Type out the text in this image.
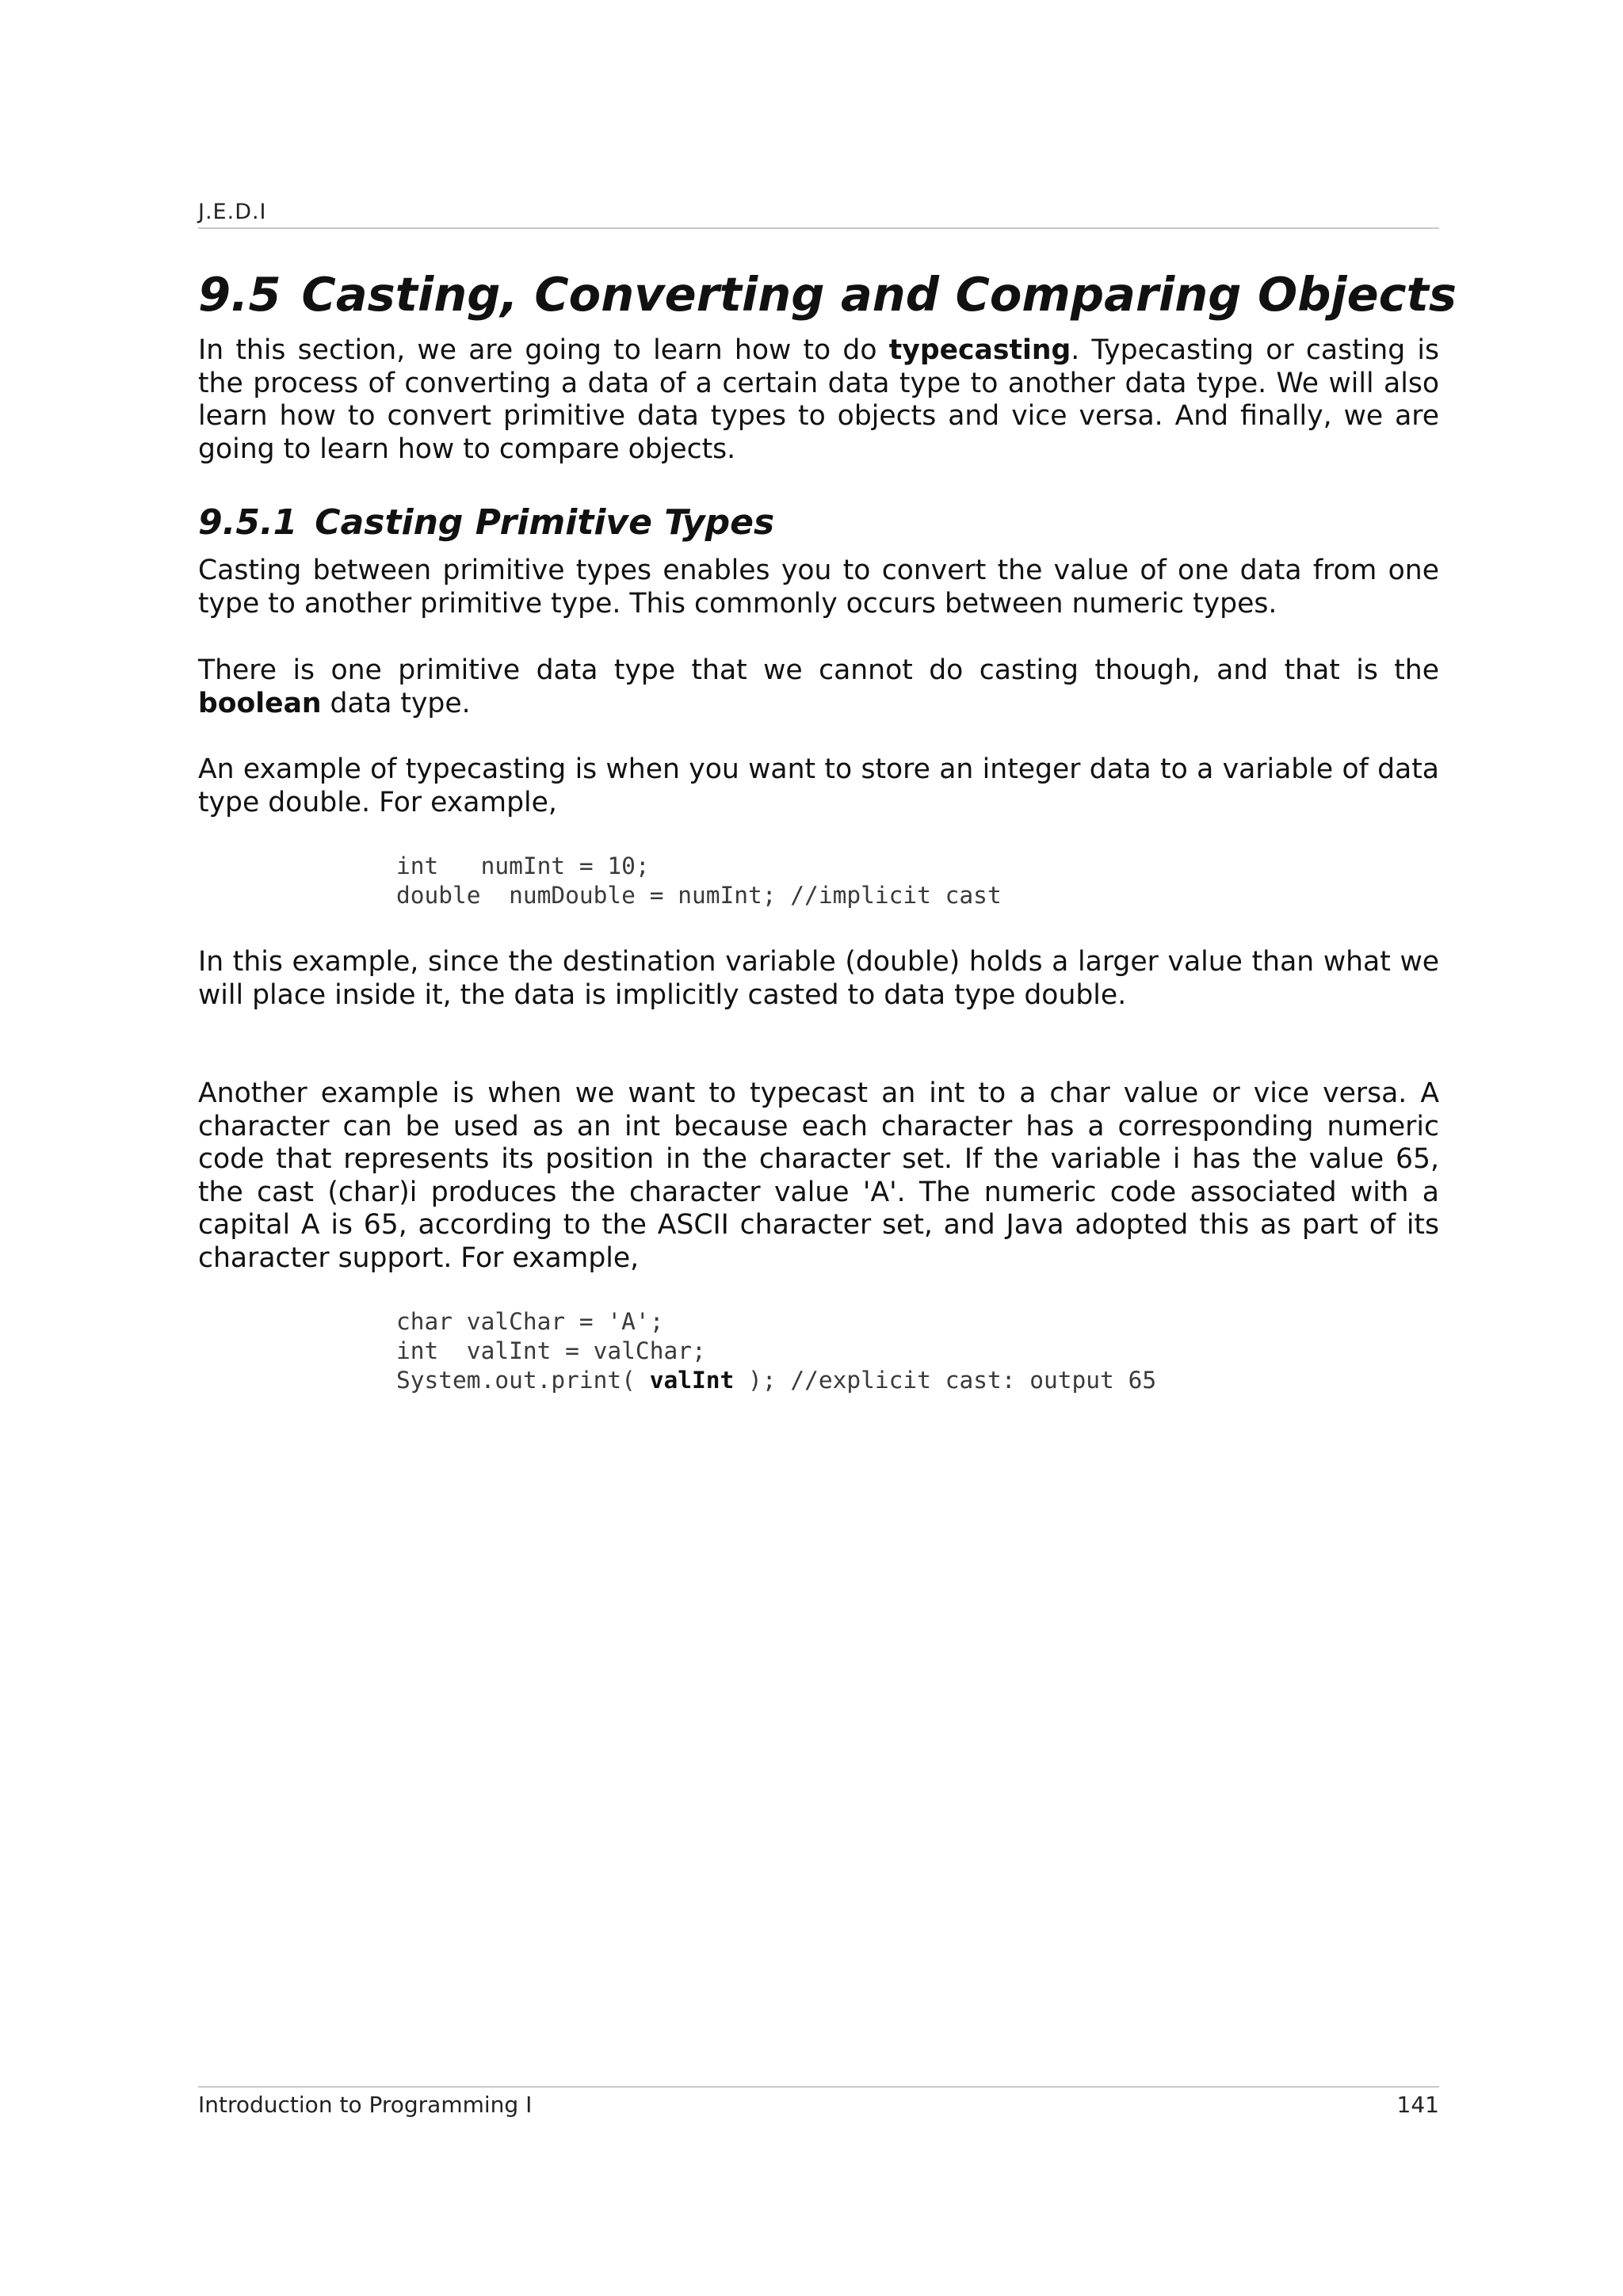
J.E.D.I
9.5 Casting, Converting and Comparing Objects

In this section, we are going to learn how to do typecasting. Typecasting or casting is the process of converting a data of a certain data type to another data type. We will also learn how to convert primitive data types to objects and vice versa. And finally, we are going to learn how to compare objects.

9.5.1 Casting Primitive Types

Casting between primitive types enables you to convert the value of one data from one type to another primitive type. This commonly occurs between numeric types.

There is one primitive data type that we cannot do casting though, and that is the boolean data type.

An example of typecasting is when you want to store an integer data to a variable of data type double. For example,

int   numInt = 10;
double  numDouble = numInt; //implicit cast

In this example, since the destination variable (double) holds a larger value than what we will place inside it, the data is implicitly casted to data type double.

Another example is when we want to typecast an int to a char value or vice versa. A character can be used as an int because each character has a corresponding numeric code that represents its position in the character set. If the variable i has the value 65, the cast (char)i produces the character value 'A'. The numeric code associated with a capital A is 65, according to the ASCII character set, and Java adopted this as part of its character support. For example,

char valChar = 'A';
int  valInt = valChar;
System.out.print( valInt ); //explicit cast: output 65
Introduction to Programming I	141
